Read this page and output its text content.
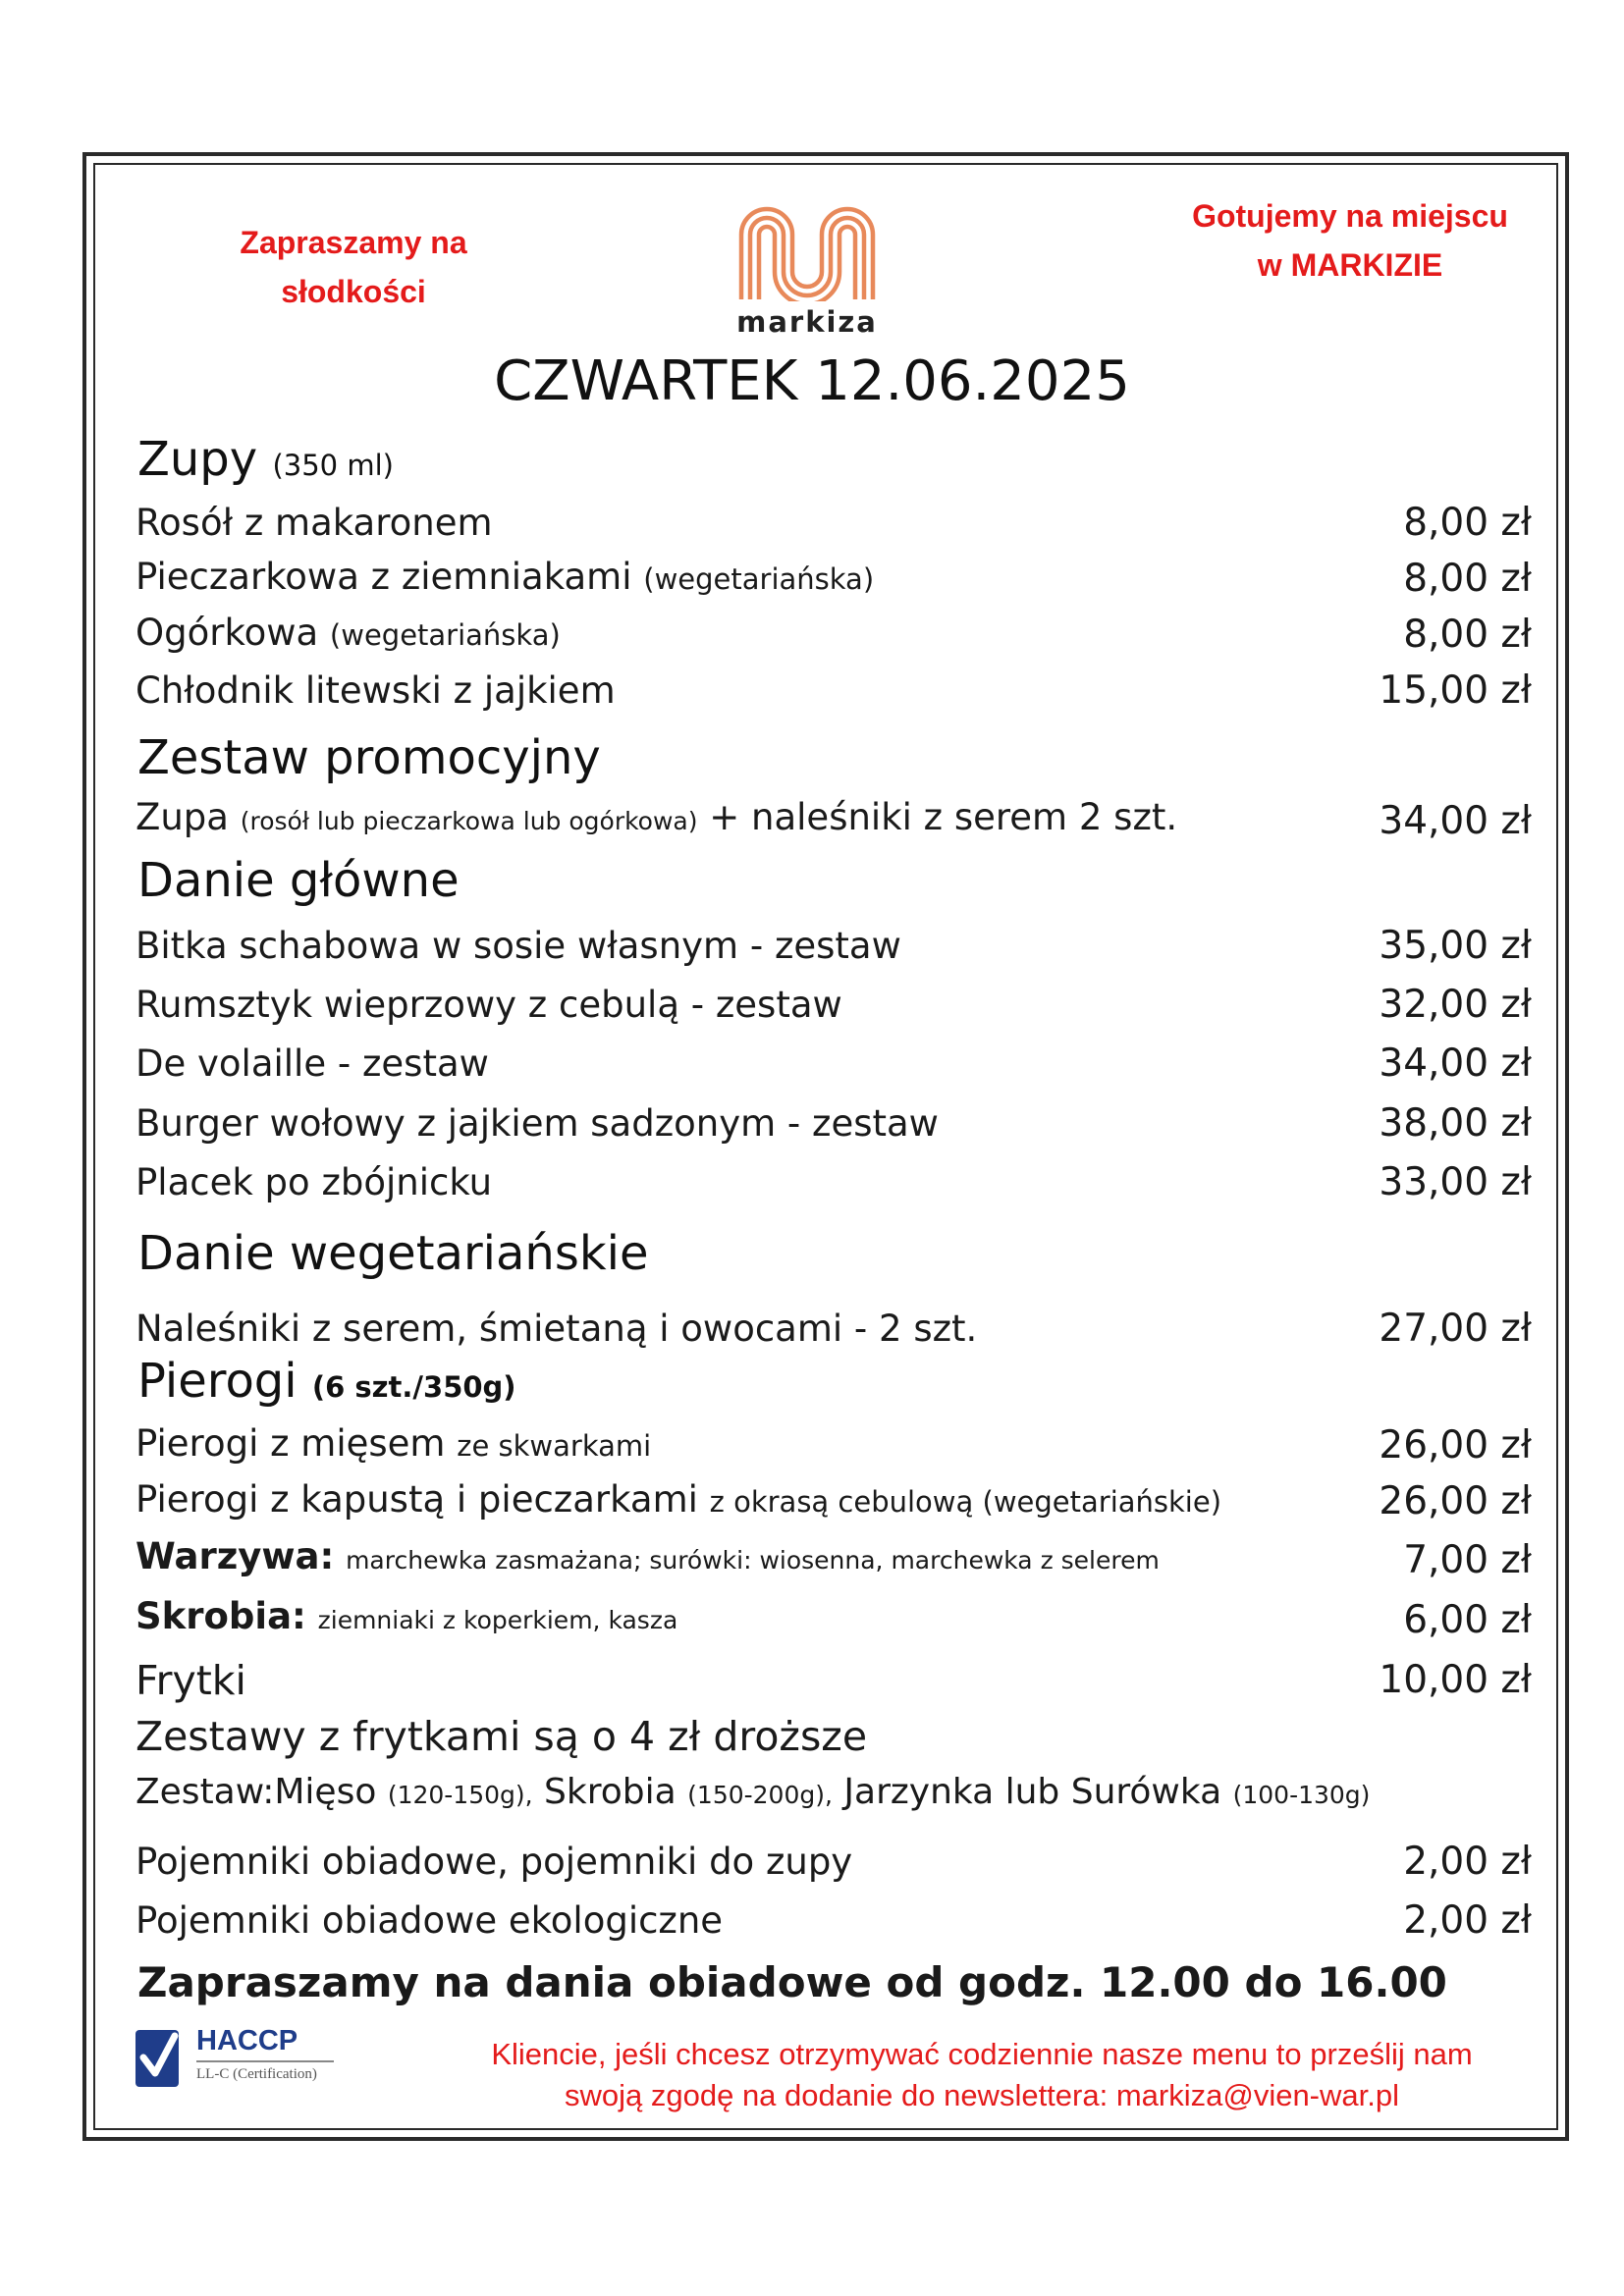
Zapraszamy na
słodkości
markiza
Gotujemy na miejscu
w MARKIZIE
CZWARTEK 12.06.2025
Zupy (350 ml)
Rosół z makaronem	8,00 zł
Pieczarkowa z ziemniakami (wegetariańska)	8,00 zł
Ogórkowa (wegetariańska)	8,00 zł
Chłodnik litewski z jajkiem	15,00 zł
Zestaw promocyjny
Zupa (rosół lub pieczarkowa lub ogórkowa) + naleśniki z serem 2 szt.	34,00 zł
Danie główne
Bitka schabowa w sosie własnym - zestaw	35,00 zł
Rumsztyk wieprzowy z cebulą - zestaw	32,00 zł
De volaille - zestaw	34,00 zł
Burger wołowy z jajkiem sadzonym - zestaw	38,00 zł
Placek po zbójnicku	33,00 zł
Danie wegetariańskie
Naleśniki z serem, śmietaną i owocami - 2 szt.	27,00 zł
Pierogi (6 szt./350g)
Pierogi z mięsem ze skwarkami	26,00 zł
Pierogi z kapustą i pieczarkami z okrasą cebulową (wegetariańskie)	26,00 zł
Warzywa: marchewka zasmażana; surówki: wiosenna, marchewka z selerem	7,00 zł
Skrobia: ziemniaki z koperkiem, kasza	6,00 zł
Frytki	10,00 zł
Zestawy z frytkami są o 4 zł droższe
Zestaw:Mięso (120-150g), Skrobia (150-200g), Jarzynka lub Surówka (100-130g)
Pojemniki obiadowe, pojemniki do zupy	2,00 zł
Pojemniki obiadowe ekologiczne	2,00 zł
Zapraszamy na dania obiadowe od godz. 12.00 do 16.00
HACCP
LL-C (Certification)
Kliencie, jeśli chcesz otrzymywać codziennie nasze menu to prześlij nam
swoją zgodę na dodanie do newslettera: markiza@vien-war.pl
